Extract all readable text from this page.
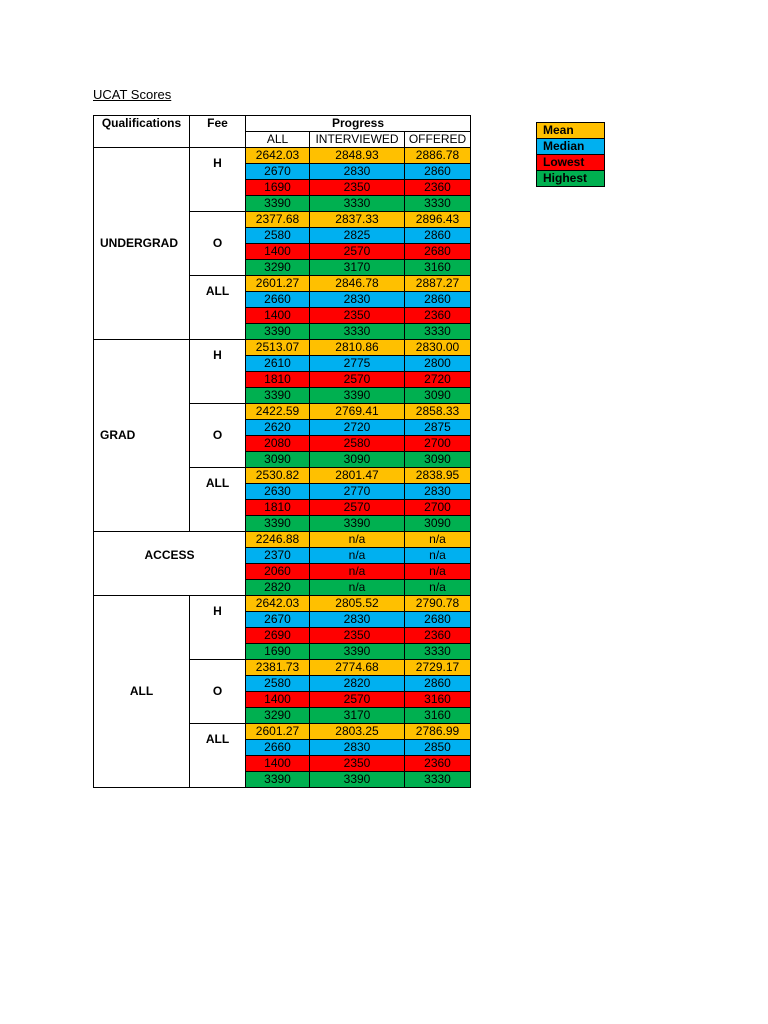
UCAT Scores
Qualifications	Fee	Progress		
		ALL	INTERVIEWED	OFFERED
UNDERGRAD	H	2642.03	2848.93	2886.78
		2670	2830	2860
		1690	2350	2360
		3390	3330	3330
	O	2377.68	2837.33	2896.43
		2580	2825	2860
		1400	2570	2680
		3290	3170	3160
	ALL	2601.27	2846.78	2887.27
		2660	2830	2860
		1400	2350	2360
		3390	3330	3330
GRAD	H	2513.07	2810.86	2830.00
		2610	2775	2800
		1810	2570	2720
		3390	3390	3090
	O	2422.59	2769.41	2858.33
		2620	2720	2875
		2080	2580	2700
		3090	3090	3090
	ALL	2530.82	2801.47	2838.95
		2630	2770	2830
		1810	2570	2700
		3390	3390	3090
ACCESS		2246.88	n/a	n/a
		2370	n/a	n/a
		2060	n/a	n/a
		2820	n/a	n/a
ALL	H	2642.03	2805.52	2790.78
		2670	2830	2680
		2690	2350	2360
		1690	3390	3330
	O	2381.73	2774.68	2729.17
		2580	2820	2860
		1400	2570	3160
		3290	3170	3160
	ALL	2601.27	2803.25	2786.99
		2660	2830	2850
		1400	2350	2360
		3390	3390	3330
Mean
Median
Lowest
Highest
